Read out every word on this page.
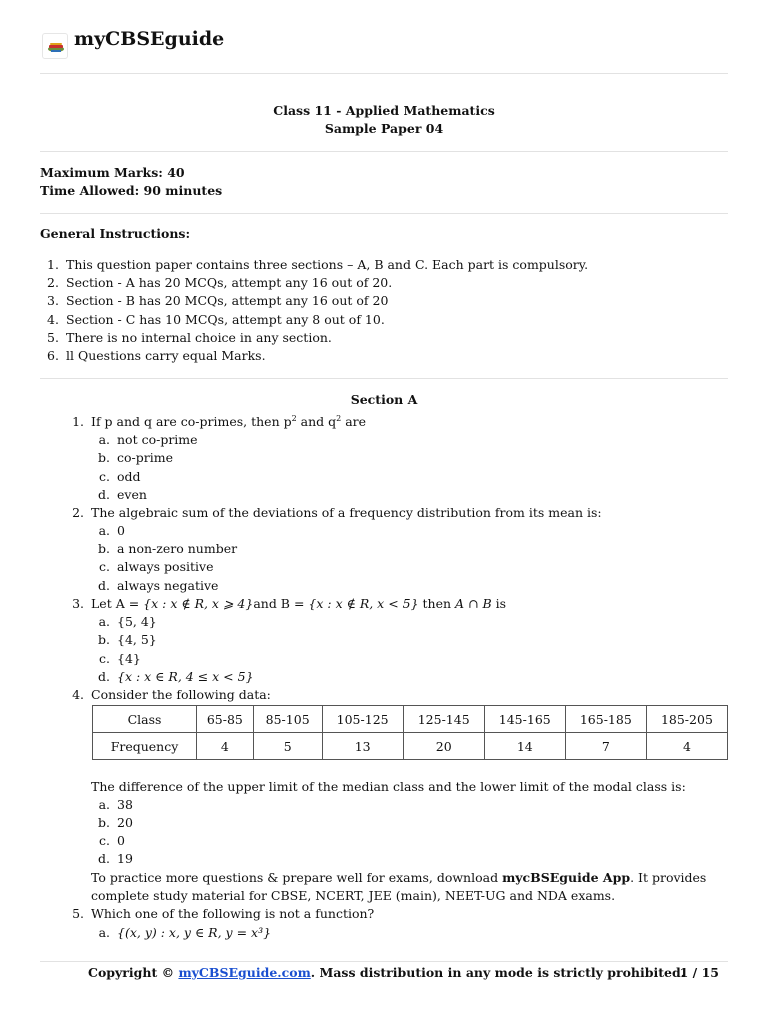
myCBSEguide
Class 11 - Applied Mathematics
Sample Paper 04
Maximum Marks: 40
Time Allowed: 90 minutes
General Instructions:
1. This question paper contains three sections – A, B and C. Each part is compulsory.
2. Section - A has 20 MCQs, attempt any 16 out of 20.
3. Section - B has 20 MCQs, attempt any 16 out of 20
4. Section - C has 10 MCQs, attempt any 8 out of 10.
5. There is no internal choice in any section.
6. ll Questions carry equal Marks.
Section A
1. If p and q are co-primes, then $p^2$ and $q^2$ are
a. not co-prime
b. co-prime
c. odd
d. even
2. The algebraic sum of the deviations of a frequency distribution from its mean is:
a. 0
b. a non-zero number
c. always positive
d. always negative
3. Let A = {x : x ∉ R, x ⩾ 4}and B = {x : x ∉ R, x < 5} then A ∩ B is
a. {5, 4}
b. {4, 5}
c. {4}
d. {x : x ∈ R, 4 ≤ x < 5}
4. Consider the following data:
Class	65-85	85-105	105-125	125-145	145-165	165-185	185-205
Frequency	4	5	13	20	14	7	4
The difference of the upper limit of the median class and the lower limit of the modal class is:
a. 38
b. 20
c. 0
d. 19
To practice more questions & prepare well for exams, download mycBSEguide App. It provides
complete study material for CBSE, NCERT, JEE (main), NEET-UG and NDA exams.
5. Which one of the following is not a function?
a. {(x, y) : x, y ∈ R, y = x³}
Copyright © myCBSEguide.com. Mass distribution in any mode is strictly prohibited.
1 / 15
